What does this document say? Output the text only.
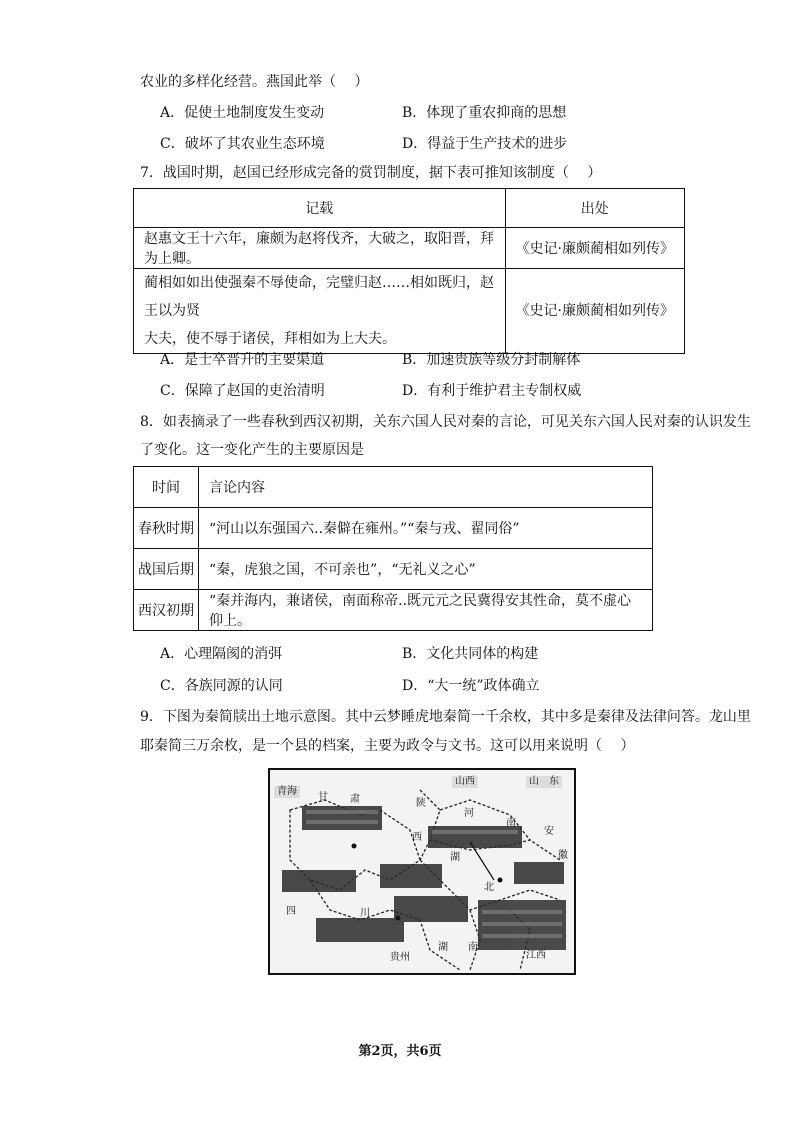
农业的多样化经营。燕国此举（　 ）
A．促使土地制度发生变动	B．体现了重农抑商的思想
C．破坏了其农业生态环境	D．得益于生产技术的进步
7．战国时期，赵国已经形成完备的赏罚制度，据下表可推知该制度（　 ）
记载	出处
赵惠文王十六年，廉颇为赵将伐齐，大破之，取阳晋，拜为上卿。	《史记·廉颇蔺相如列传》

蔺相如如出使强秦不辱使命，完璧归赵……相如既归，赵王以为贤
大夫，使不辱于诸侯，拜相如为上大夫。	《史记·廉颇蔺相如列传》
A．是士卒晋升的主要渠道	B．加速贵族等级分封制解体
C．保障了赵国的吏治清明	D．有利于维护君主专制权威
8．如表摘录了一些春秋到西汉初期，关东六国人民对秦的言论，可见关东六国人民对秦的认识发生
了变化。这一变化产生的主要原因是
时间	言论内容
春秋时期	“河山以东强国六..秦僻在雍州。”“秦与戎、翟同俗”
战国后期	“秦，虎狼之国，不可亲也”，“无礼义之心”
西汉初期	“秦并海内，兼诸侯，南面称帝..既元元之民冀得安其性命，莫不虚心仰上。
A．心理隔阂的消弭	B．文化共同体的构建
C．各族同源的认同	D．“大一统”政体确立
9．下图为秦简牍出土地示意图。其中云梦睡虎地秦简一千余枚，其中多是秦律及法律问答。龙山里
耶秦简三万余枚，是一个县的档案，主要为政令与文书。这可以用来说明（　 ）
青海
甘 肃	陕
西
山西	山　东
河
南
安
徽
湖
北
四	川
湖 南
贵州	江西
第2页，共6页
